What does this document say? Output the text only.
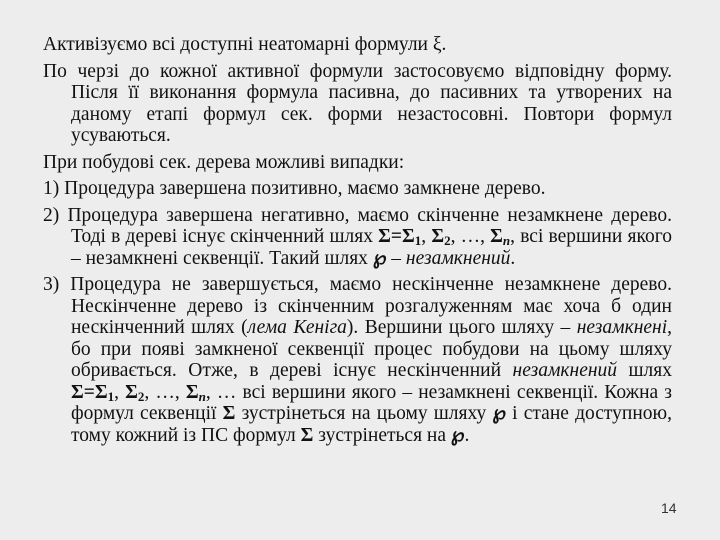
Активізуємо всі доступні неатомарні формули ξ.

По черзі до кожної активної формули застосовуємо відповідну форму. Після її виконання формула пасивна, до пасивних та утворених на даному етапі формул сек. форми незастосовні. Повтори формул усуваються.

При побудові сек. дерева можливі випадки:

1) Процедура завершена позитивно, маємо замкнене дерево.

2) Процедура завершена негативно, маємо скінченне незамкнене дерево. Тоді в дереві існує скінченний шлях $\Sigma=\Sigma_1$, $\Sigma_2$, …, $\Sigma_n$, всі вершини якого – незамкнені секвенції. Такий шлях ℘ – незамкнений.

3) Процедура не завершується, маємо нескінченне незамкнене дерево. Нескінченне дерево із скінченним розгалуженням має хоча б один нескінченний шлях (лема Кеніга). Вершини цього шляху – незамкнені, бо при появі замкненої секвенції процес побудови на цьому шляху обривається. Отже, в дереві існує нескінченний незамкнений шлях $\Sigma=\Sigma_1$, $\Sigma_2$, …, $\Sigma_n$, … всі вершини якого – незамкнені секвенції. Кожна з формул секвенції Σ зустрінеться на цьому шляху ℘ і стане доступною, тому кожний із ПС формул Σ зустрінеться на ℘.

14
